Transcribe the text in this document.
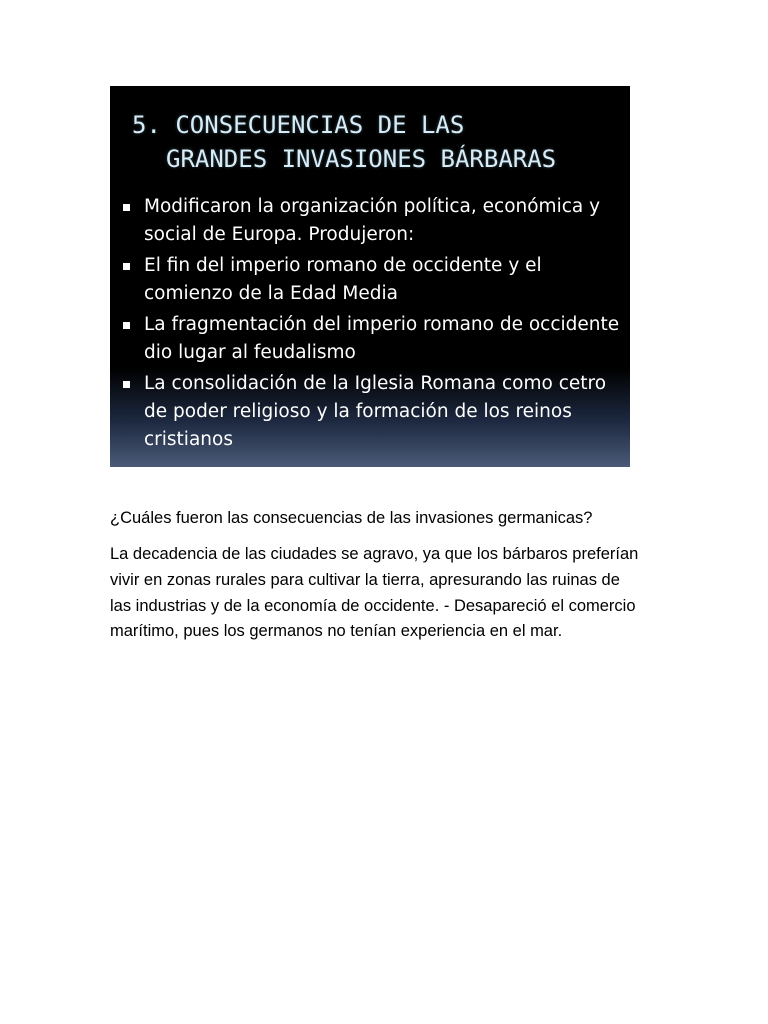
5. CONSECUENCIAS DE LAS
GRANDES INVASIONES BÁRBARAS
Modificaron la organización política, económica y social de Europa. Produjeron:
El fin del imperio romano de occidente y el comienzo de la Edad Media
La fragmentación del imperio romano de occidente dio lugar al feudalismo
La consolidación de la Iglesia Romana como cetro de poder religioso y la formación de los reinos cristianos

¿Cuáles fueron las consecuencias de las invasiones germanicas?

La decadencia de las ciudades se agravo, ya que los bárbaros preferían vivir en zonas rurales para cultivar la tierra, apresurando las ruinas de las industrias y de la economía de occidente. - Desapareció el comercio marítimo, pues los germanos no tenían experiencia en el mar.
